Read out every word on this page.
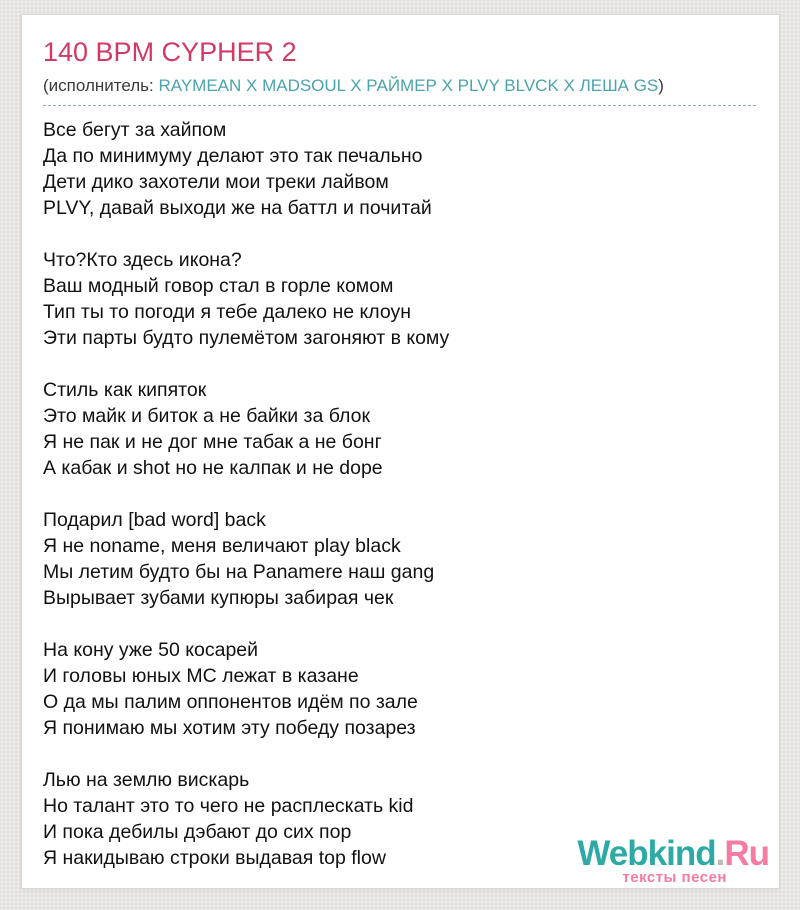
140 BPM CYPHER 2
(исполнитель: RAYMEAN X MADSOUL X РАЙМЕР X PLVY BLVCK X ЛЕША GS)
Все бегут за хайпом
Да по минимуму делают это так печально
Дети дико захотели мои треки лайвом
PLVY, давай выходи же на баттл и почитай
Что?Кто здесь икона?
Ваш модный говор стал в горле комом
Тип ты то погоди я тебе далеко не клоун
Эти парты будто пулемётом загоняют в кому
Стиль как кипяток
Это майк и биток а не байки за блок
Я не пак и не дог мне табак а не бонг
А кабак и shot но не калпак и не dope
Подарил [bad word] back
Я не noname, меня величают play black
Мы летим будто бы на Panamere наш gang
Вырывает зубами купюры забирая чек
На кону уже 50 косарей
И головы юных MC лежат в казане
О да мы палим оппонентов идём по зале
Я понимаю мы хотим эту победу позарез
Лью на землю вискарь
Но талант это то чего не расплескать kid
И пока дебилы дэбают до сих пор
Я накидываю строки выдавая top flow	Webkind.Ru
тексты песен
